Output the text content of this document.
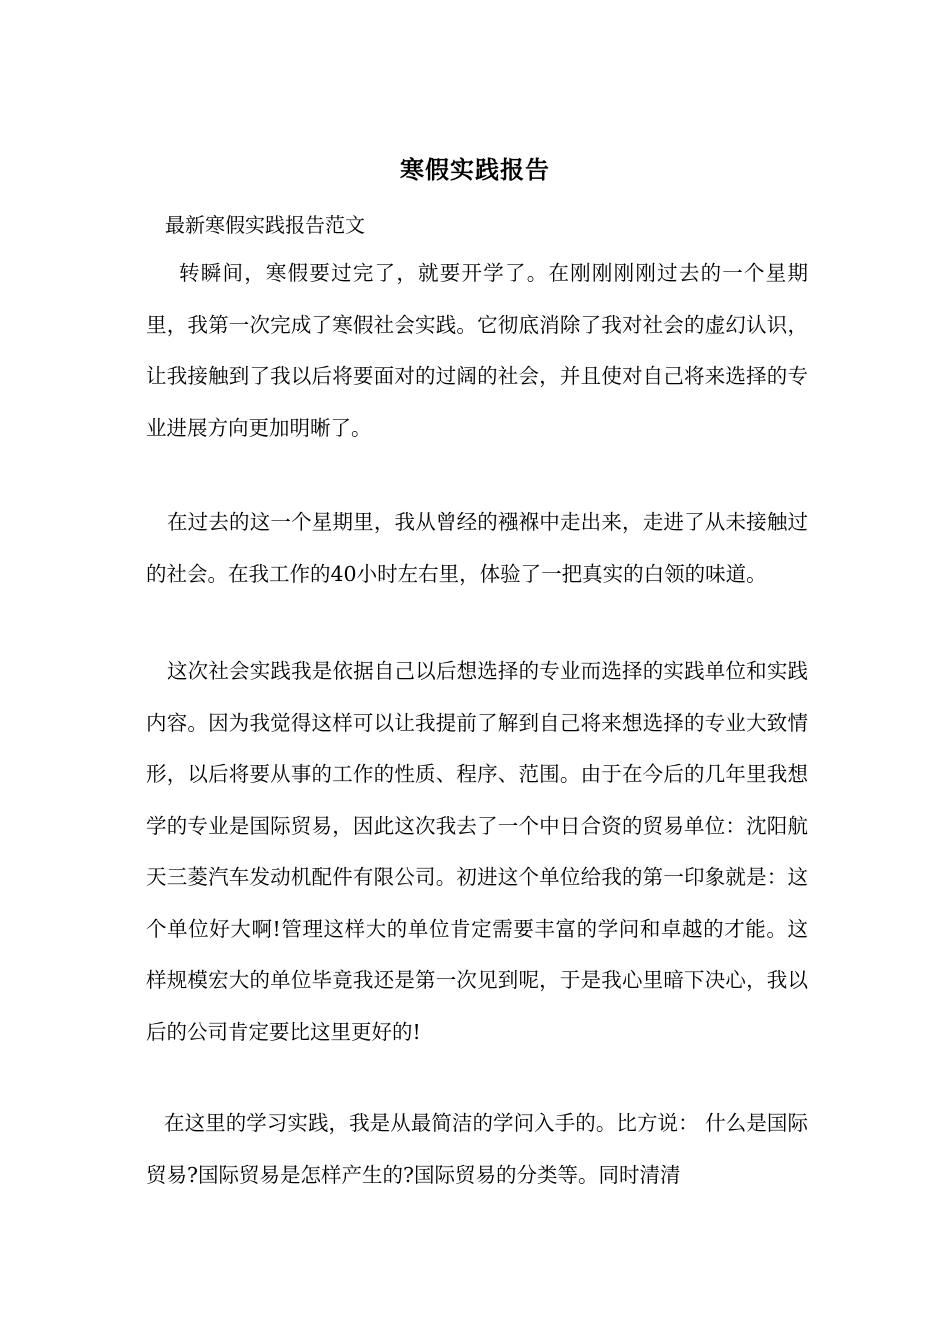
寒假实践报告
最新寒假实践报告范文

转瞬间，寒假要过完了，就要开学了。在刚刚刚刚过去的一个星期里，我第一次完成了寒假社会实践。它彻底消除了我对社会的虚幻认识，让我接触到了我以后将要面对的过阔的社会，并且使对自己将来选择的专业进展方向更加明晰了。

在过去的这一个星期里，我从曾经的襁褓中走出来，走进了从未接触过的社会。在我工作的40小时左右里，体验了一把真实的白领的味道。

这次社会实践我是依据自己以后想选择的专业而选择的实践单位和实践内容。因为我觉得这样可以让我提前了解到自己将来想选择的专业大致情形，以后将要从事的工作的性质、程序、范围。由于在今后的几年里我想学的专业是国际贸易，因此这次我去了一个中日合资的贸易单位：沈阳航天三菱汽车发动机配件有限公司。初进这个单位给我的第一印象就是：这个单位好大啊!管理这样大的单位肯定需要丰富的学问和卓越的才能。这样规模宏大的单位毕竟我还是第一次见到呢，于是我心里暗下决心，我以后的公司肯定要比这里更好的!

在这里的学习实践，我是从最简洁的学问入手的。比方说： 什么是国际贸易?国际贸易是怎样产生的?国际贸易的分类等。同时清清
